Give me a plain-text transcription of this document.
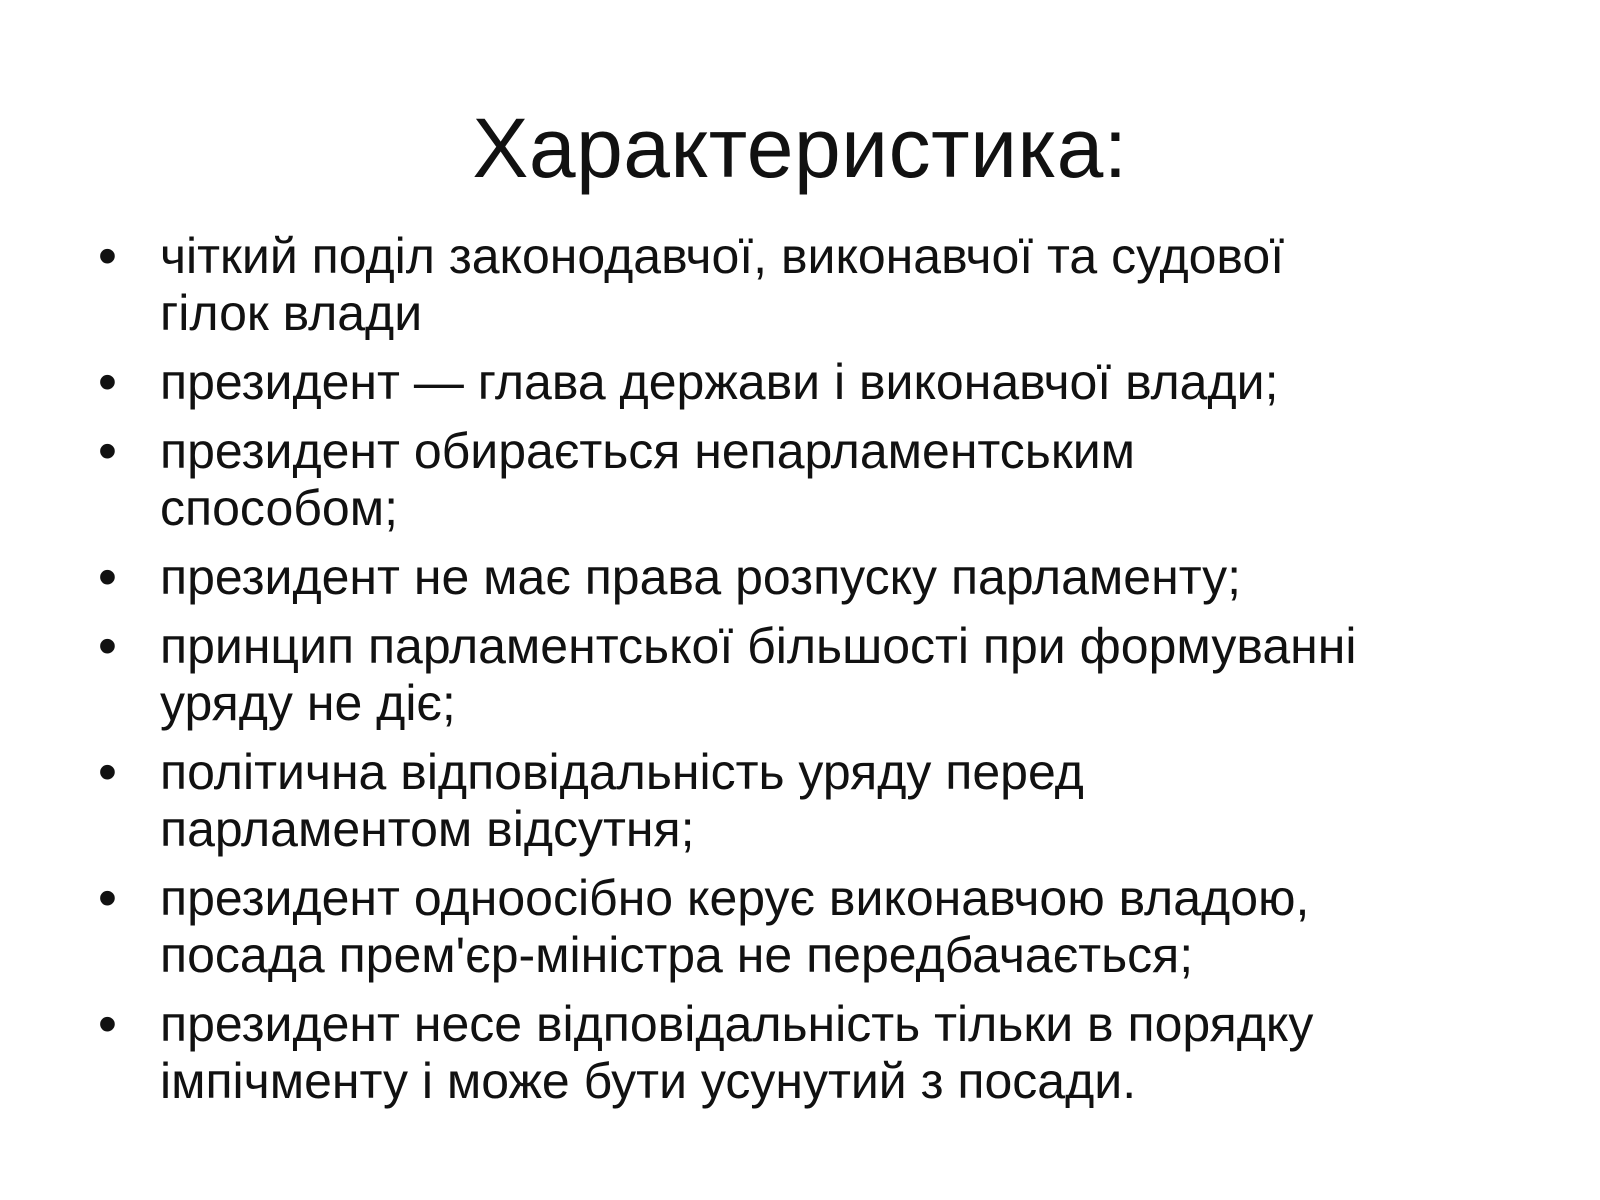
Характеристика:
• чіткий поділ законодавчої, виконавчої та судової
гілок влади
• президент — глава держави і виконавчої влади;
• президент обирається непарламентським
способом;
• президент не має права розпуску парламенту;
• принцип парламентської більшості при формуванні
уряду не діє;
• політична відповідальність уряду перед
парламентом відсутня;
• президент одноосібно керує виконавчою владою,
посада прем'єр-міністра не передбачається;
• президент несе відповідальність тільки в порядку
імпічменту і може бути усунутий з посади.
